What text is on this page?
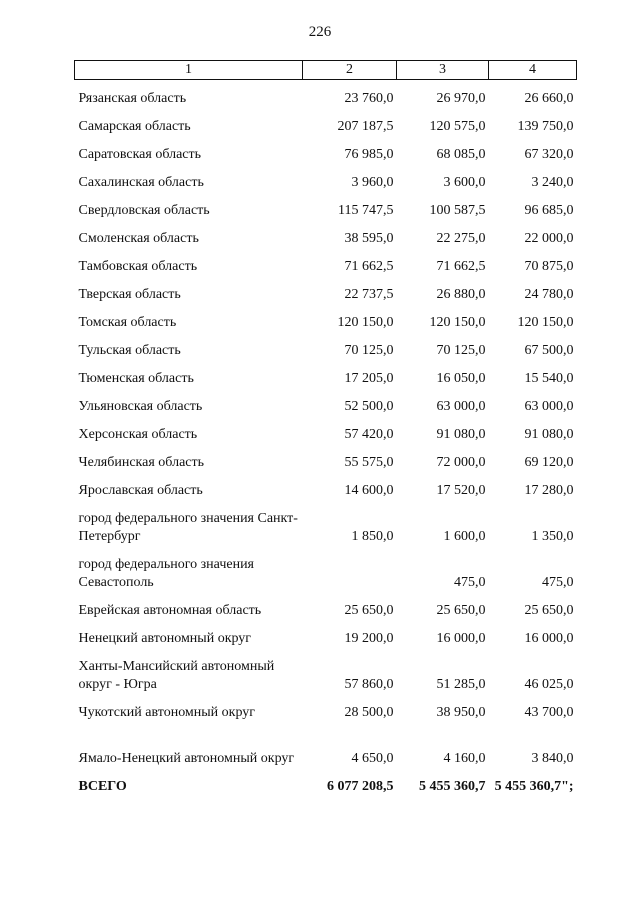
226
1	2	3	4
Рязанская область	23 760,0	26 970,0	26 660,0
Самарская область	207 187,5	120 575,0	139 750,0
Саратовская область	76 985,0	68 085,0	67 320,0
Сахалинская область	3 960,0	3 600,0	3 240,0
Свердловская область	115 747,5	100 587,5	96 685,0
Смоленская область	38 595,0	22 275,0	22 000,0
Тамбовская область	71 662,5	71 662,5	70 875,0
Тверская область	22 737,5	26 880,0	24 780,0
Томская область	120 150,0	120 150,0	120 150,0
Тульская область	70 125,0	70 125,0	67 500,0
Тюменская область	17 205,0	16 050,0	15 540,0
Ульяновская область	52 500,0	63 000,0	63 000,0
Херсонская область	57 420,0	91 080,0	91 080,0
Челябинская область	55 575,0	72 000,0	69 120,0
Ярославская область	14 600,0	17 520,0	17 280,0
город федерального значения Санкт-Петербург	1 850,0	1 600,0	1 350,0
город федерального значения Севастополь		475,0	475,0
Еврейская автономная область	25 650,0	25 650,0	25 650,0
Ненецкий автономный округ	19 200,0	16 000,0	16 000,0
Ханты-Мансийский автономный округ - Югра	57 860,0	51 285,0	46 025,0
Чукотский автономный округ	28 500,0	38 950,0	43 700,0
Ямало-Ненецкий автономный округ	4 650,0	4 160,0	3 840,0
ВСЕГО	6 077 208,5	5 455 360,7	5 455 360,7";
